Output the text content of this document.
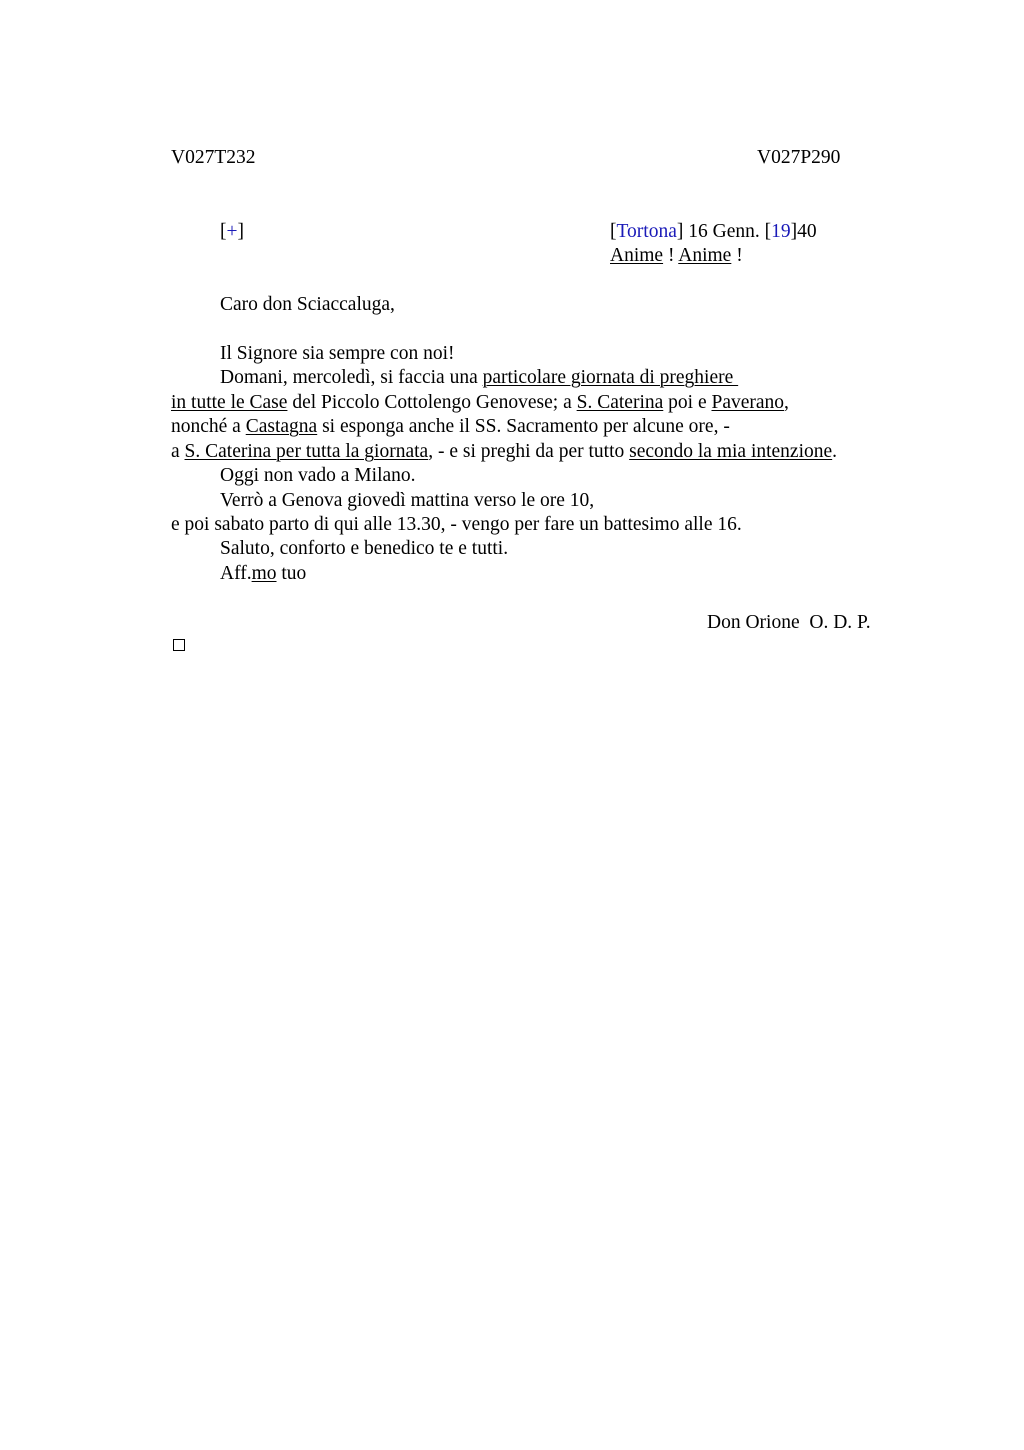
V027T232	V027P290
[+]	[Tortona] 16 Genn. [19]40
Anime ! Anime !
Caro don Sciaccaluga,
Il Signore sia sempre con noi!
Domani, mercoledì, si faccia una particolare giornata di preghiere
in tutte le Case del Piccolo Cottolengo Genovese; a S. Caterina poi e Paverano,
nonché a Castagna si esponga anche il SS. Sacramento per alcune ore, -
a S. Caterina per tutta la giornata, - e si preghi da per tutto secondo la mia intenzione.
Oggi non vado a Milano.
Verrò a Genova giovedì mattina verso le ore 10,
e poi sabato parto di qui alle 13.30, - vengo per fare un battesimo alle 16.
Saluto, conforto e benedico te e tutti.
Aff.mo tuo
Don Orione  O. D. P.
